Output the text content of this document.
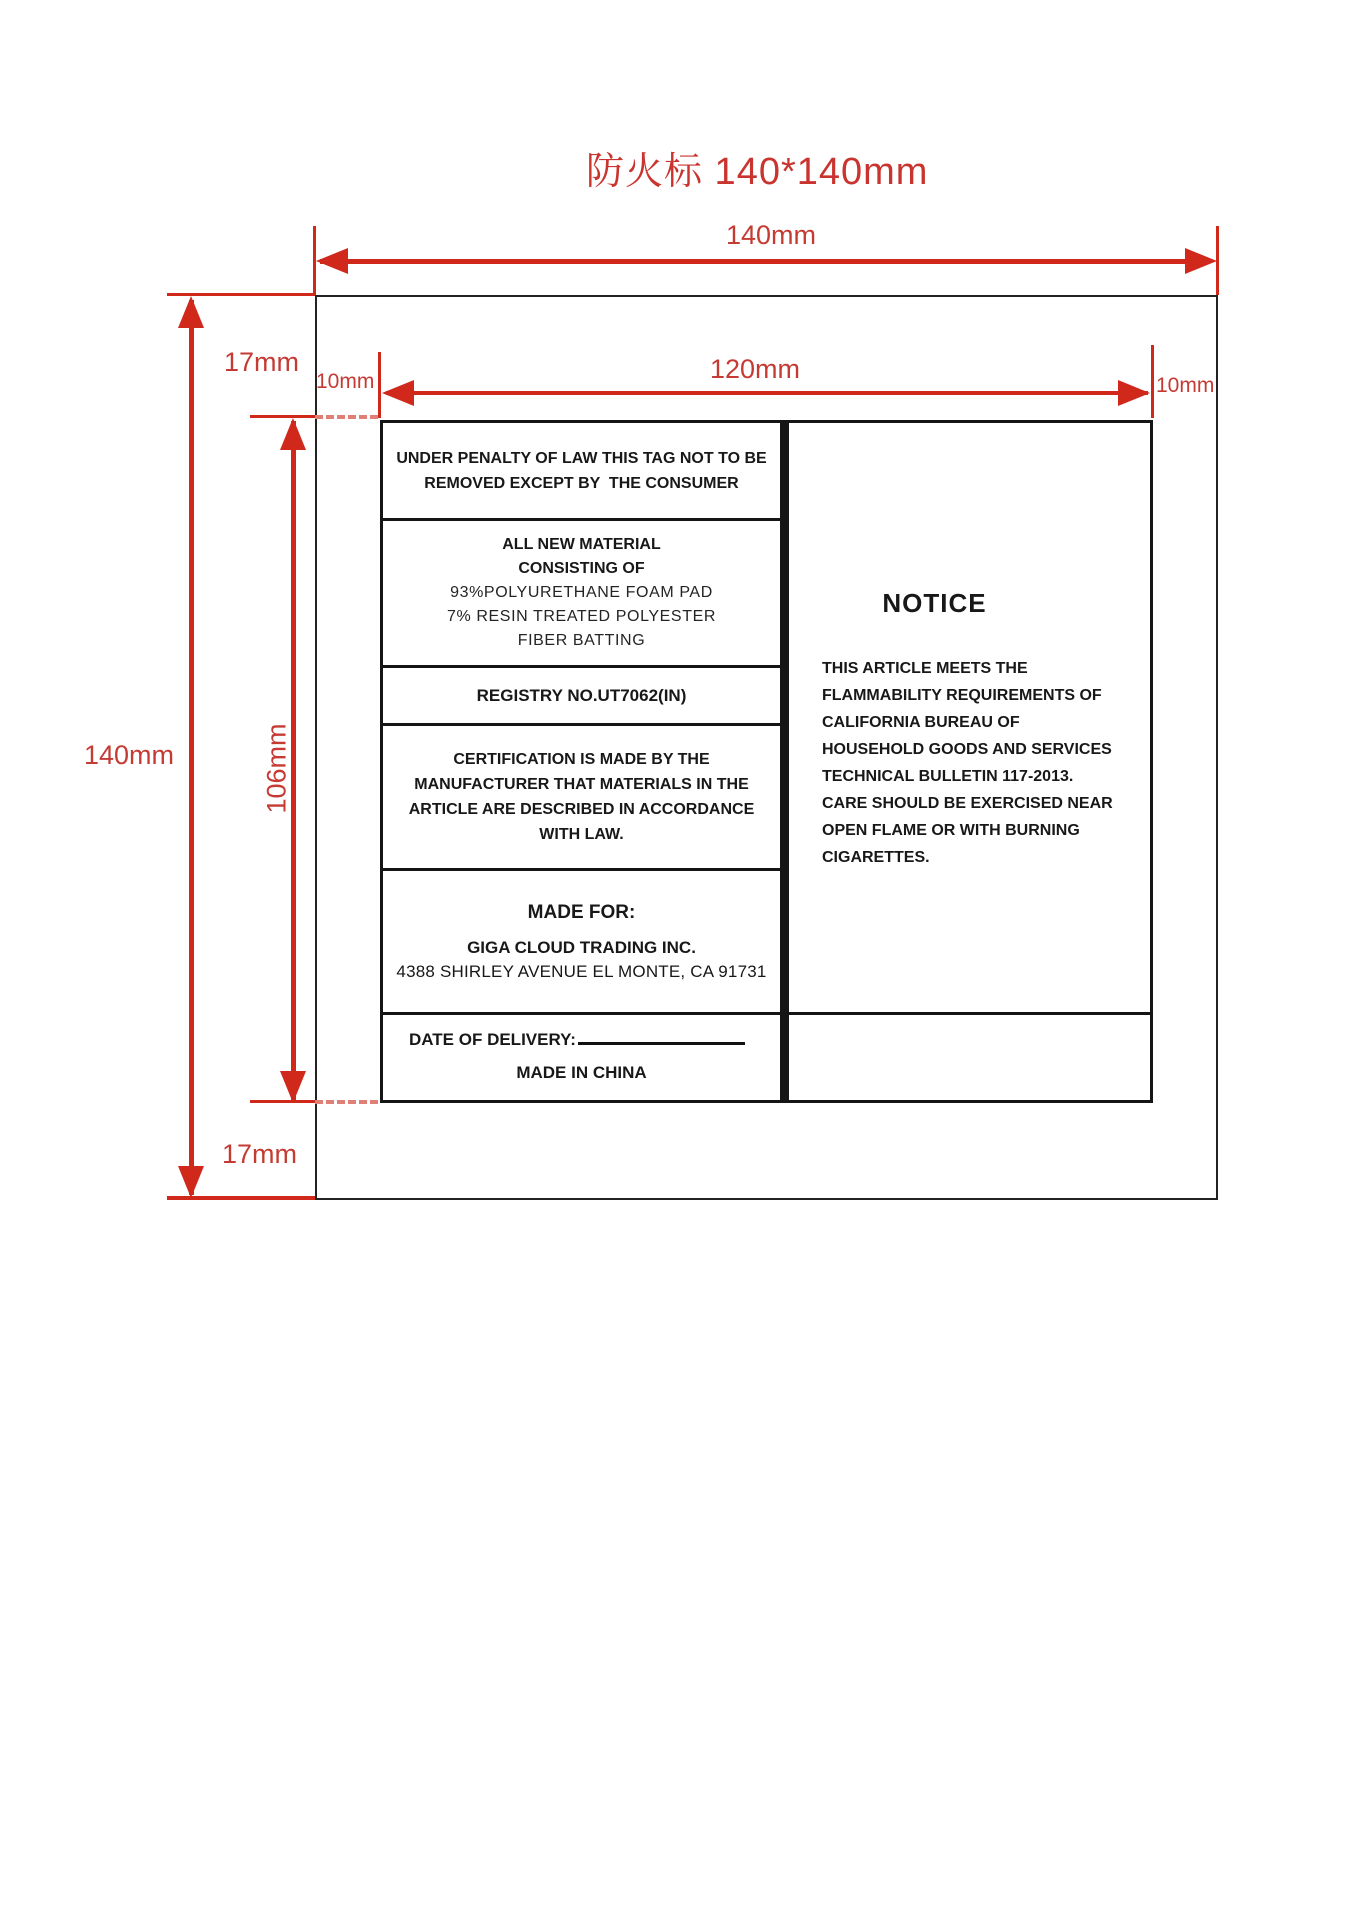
防火标 140*140mm
140mm
120mm
140mm	106mm
17mm
17mm
10mm	10mm
UNDER PENALTY OF LAW THIS TAG NOT TO BE
REMOVED EXCEPT BY  THE CONSUMER
ALL NEW MATERIAL
CONSISTING OF
93%POLYURETHANE FOAM PAD
7% RESIN TREATED POLYESTER
FIBER BATTING
REGISTRY NO.UT7062(IN)
CERTIFICATION IS MADE BY THE
MANUFACTURER THAT MATERIALS IN THE
ARTICLE ARE DESCRIBED IN ACCORDANCE
WITH LAW.
MADE FOR:
GIGA CLOUD TRADING INC.
4388 SHIRLEY AVENUE EL MONTE, CA 91731
DATE OF DELIVERY:
MADE IN CHINA
NOTICE
THIS ARTICLE MEETS THE
FLAMMABILITY REQUIREMENTS OF
CALIFORNIA BUREAU OF
HOUSEHOLD GOODS AND SERVICES
TECHNICAL BULLETIN 117-2013.
CARE SHOULD BE EXERCISED NEAR
OPEN FLAME OR WITH BURNING
CIGARETTES.
